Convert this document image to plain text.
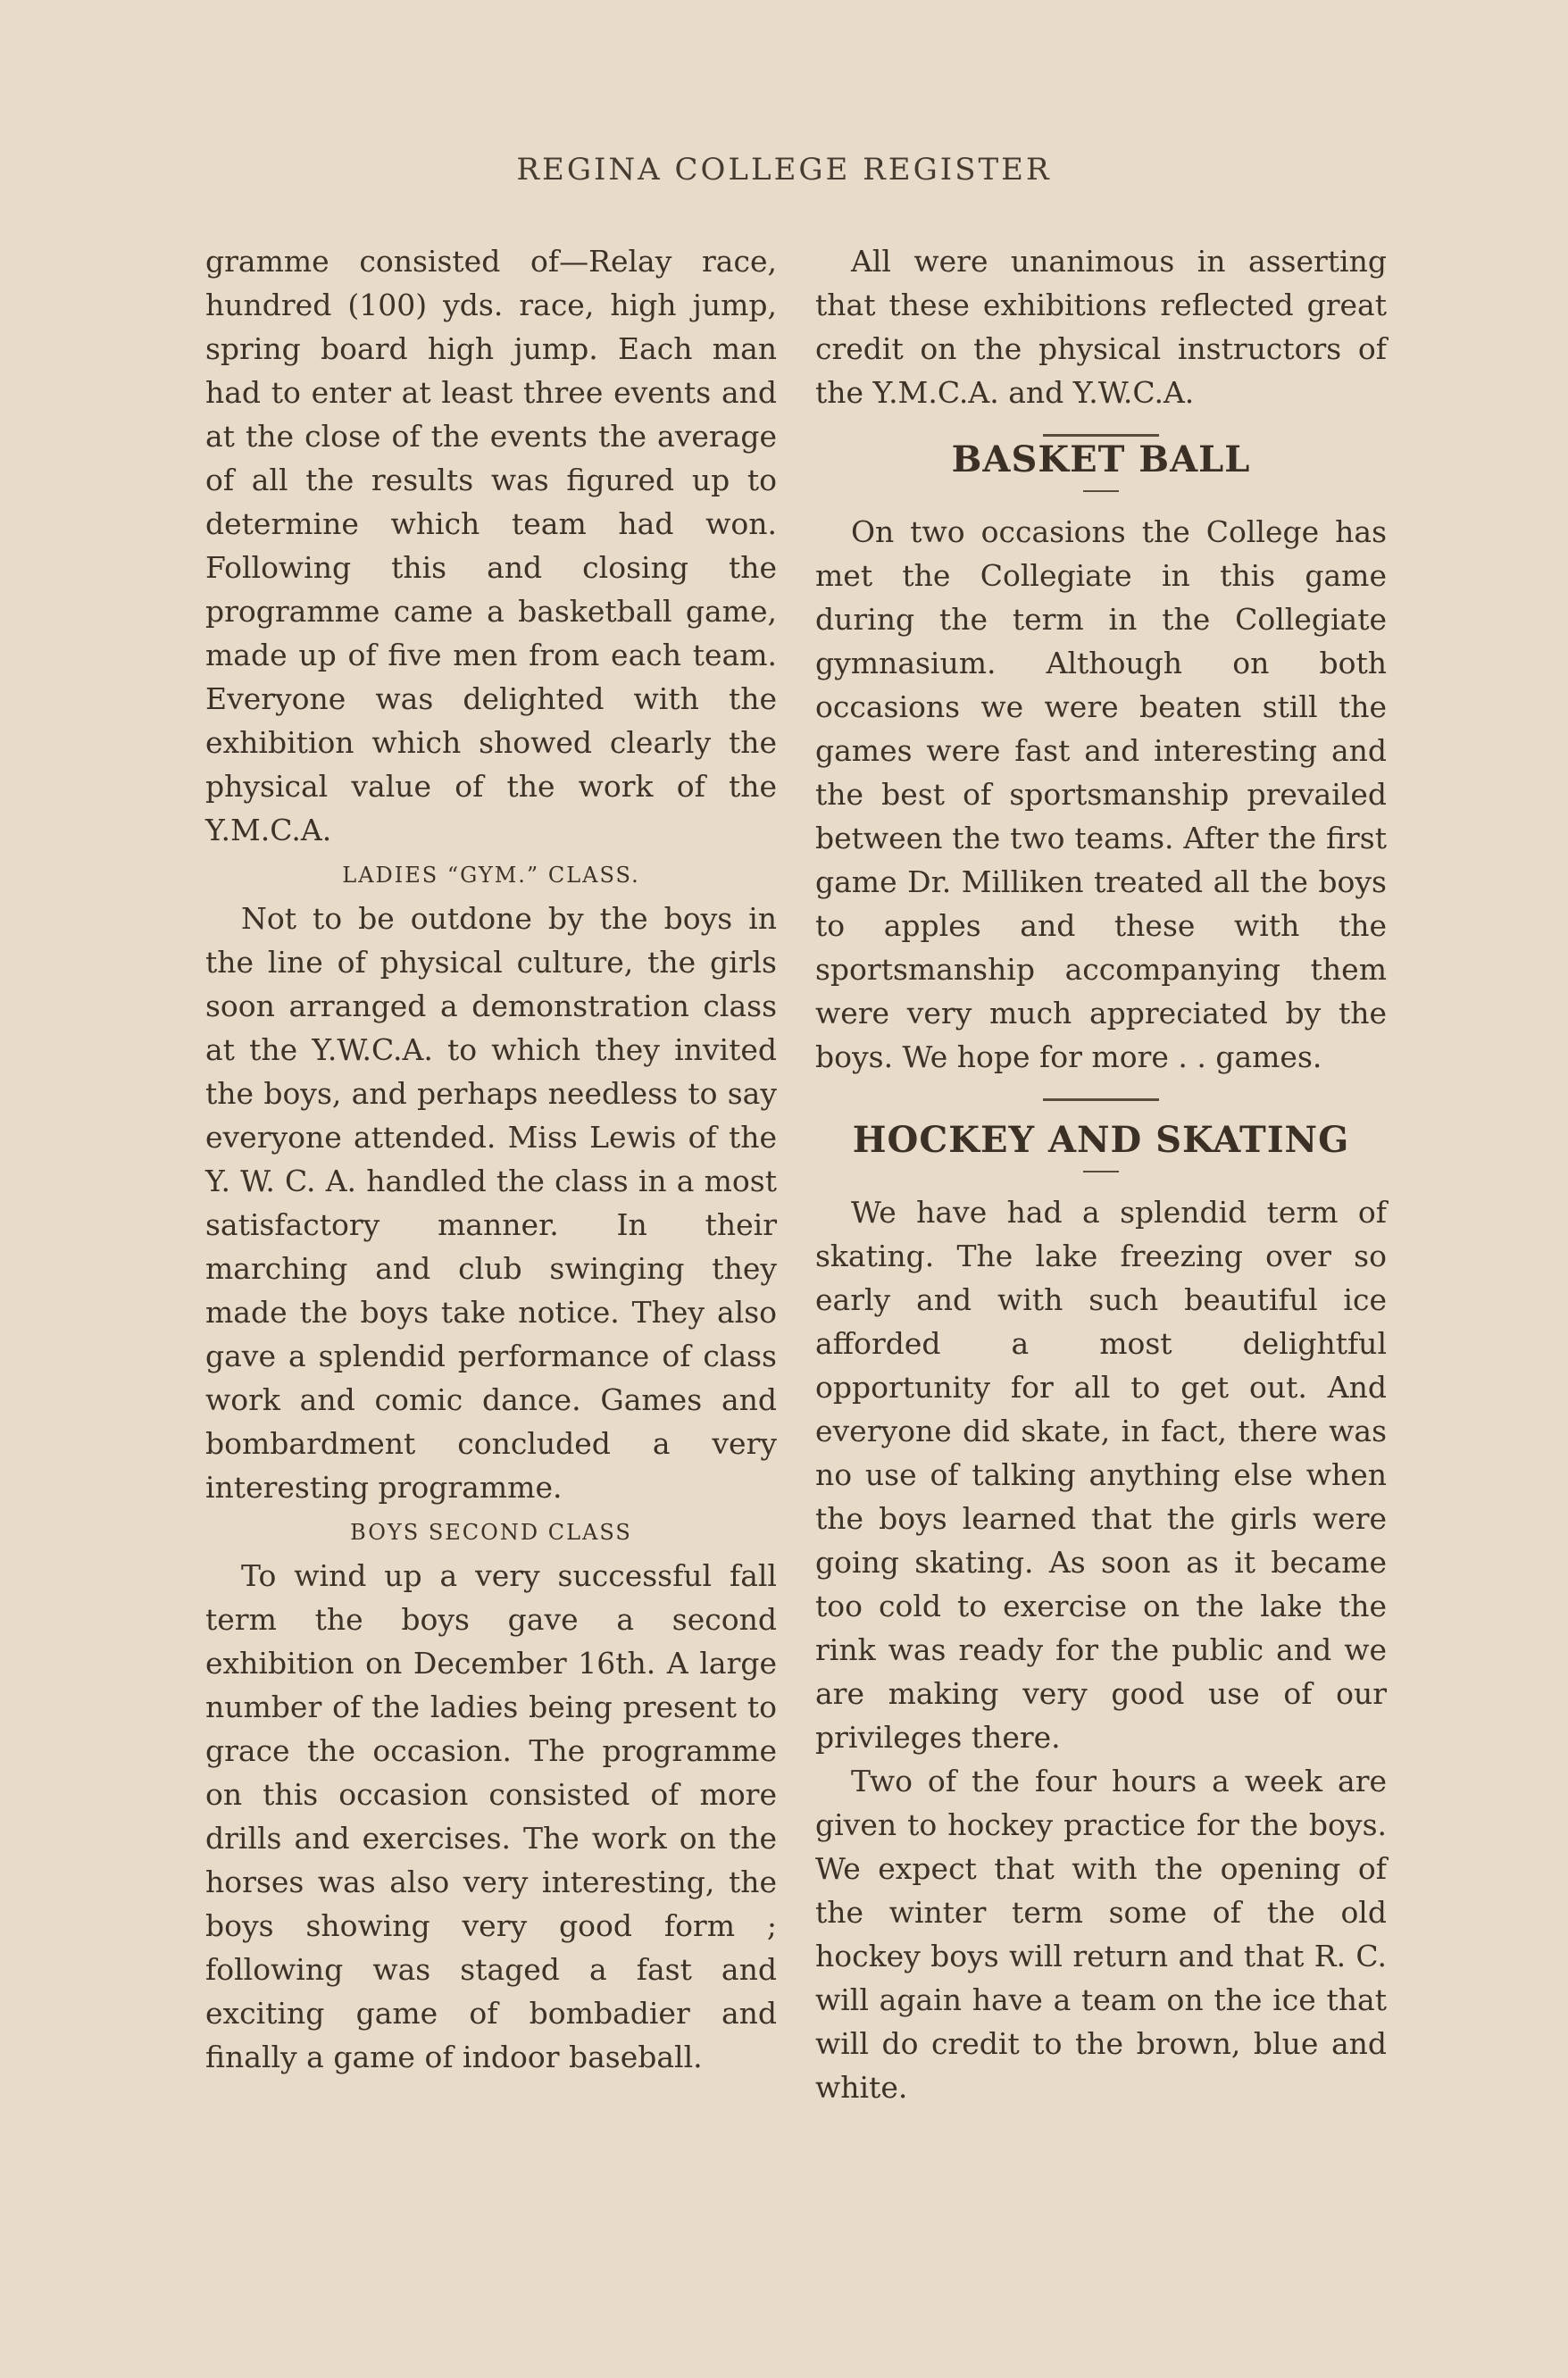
REGINA COLLEGE REGISTER

gramme consisted of—Relay race, hundred (100) yds. race, high jump, spring board high jump. Each man had to enter at least three events and at the close of the events the average of all the results was figured up to determine which team had won. Following this and closing the programme came a basketball game, made up of five men from each team. Everyone was delighted with the exhibition which showed clearly the physical value of the work of the Y.M.C.A.

LADIES “GYM.” CLASS.

Not to be outdone by the boys in the line of physical culture, the girls soon arranged a demonstration class at the Y.W.C.A. to which they invited the boys, and perhaps needless to say everyone attended. Miss Lewis of the Y. W. C. A. handled the class in a most satisfactory manner. In their marching and club swinging they made the boys take notice. They also gave a splendid performance of class work and comic dance. Games and bombardment concluded a very interesting programme.

BOYS SECOND CLASS

To wind up a very successful fall term the boys gave a second exhibition on December 16th. A large number of the ladies being present to grace the occasion. The programme on this occasion consisted of more drills and exercises. The work on the horses was also very interesting, the boys showing very good form ; following was staged a fast and exciting game of bombadier and finally a game of indoor baseball.

All were unanimous in asserting that these exhibitions reflected great credit on the physical instructors of the Y.M.C.A. and Y.W.C.A.

BASKET BALL

On two occasions the College has met the Collegiate in this game during the term in the Collegiate gymnasium. Although on both occasions we were beaten still the games were fast and interesting and the best of sportsmanship prevailed between the two teams. After the first game Dr. Milliken treated all the boys to apples and these with the sportsmanship accompanying them were very much appreciated by the boys. We hope for more . . games.

HOCKEY AND SKATING

We have had a splendid term of skating. The lake freezing over so early and with such beautiful ice afforded a most delightful opportunity for all to get out. And everyone did skate, in fact, there was no use of talking anything else when the boys learned that the girls were going skating. As soon as it became too cold to exercise on the lake the rink was ready for the public and we are making very good use of our privileges there.

Two of the four hours a week are given to hockey practice for the boys. We expect that with the opening of the winter term some of the old hockey boys will return and that R. C. will again have a team on the ice that will do credit to the brown, blue and white.
